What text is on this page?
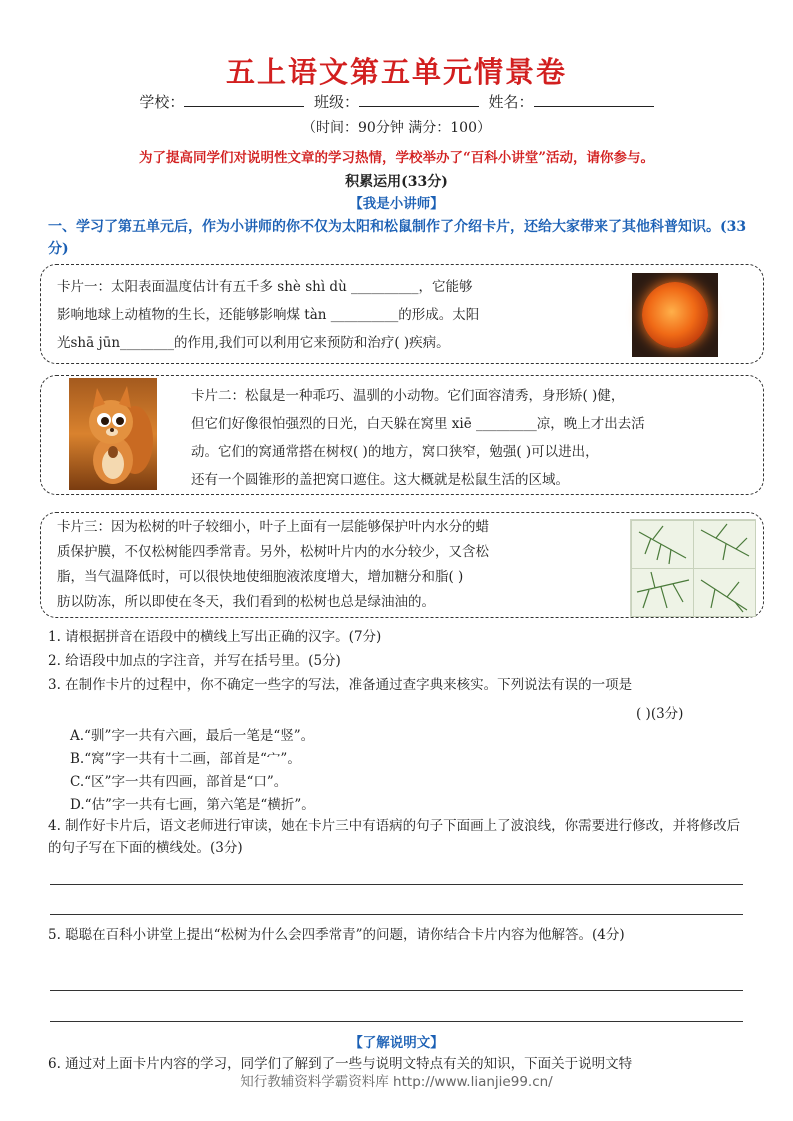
五上语文第五单元情景卷
学校：	班级：	姓名：
（时间：90分钟 满分：100）
为了提高同学们对说明性文章的学习热情，学校举办了“百科小讲堂”活动，请你参与。
积累运用(33分)
【我是小讲师】
一、学习了第五单元后，作为小讲师的你不仅为太阳和松鼠制作了介绍卡片，还给大家带来了其他科普知识。(33分)
卡片一：太阳表面温度估计有五千多 shè shì dù __________，它能够
影响地球上动植物的生长，还能够影响煤 tàn __________的形成。太阳
光shā jūn________的作用,我们可以利用它来预防和治疗( )疾病。
卡片二：松鼠是一种乖巧、温驯的小动物。它们面容清秀，身形矫( )健，
但它们好像很怕强烈的日光，白天躲在窝里 xiē _________凉，晚上才出去活
动。它们的窝通常搭在树杈( )的地方，窝口狭窄，勉强( )可以进出，
还有一个圆锥形的盖把窝口遮住。这大概就是松鼠生活的区域。
卡片三：因为松树的叶子较细小，叶子上面有一层能够保护叶内水分的蜡
质保护膜，不仅松树能四季常青。另外，松树叶片内的水分较少，又含松
脂，当气温降低时，可以很快地使细胞液浓度增大，增加糖分和脂( )
肪以防冻，所以即使在冬天，我们看到的松树也总是绿油油的。
1. 请根据拼音在语段中的横线上写出正确的汉字。(7分)
2. 给语段中加点的字注音，并写在括号里。(5分)
3. 在制作卡片的过程中，你不确定一些字的写法，准备通过查字典来核实。下列说法有误的一项是
( )(3分)
A.“驯”字一共有六画，最后一笔是“竖”。
B.“窝”字一共有十二画，部首是“宀”。
C.“区”字一共有四画，部首是“口”。
D.“估”字一共有七画，第六笔是“横折”。
4. 制作好卡片后，语文老师进行审读，她在卡片三中有语病的句子下面画上了波浪线，你需要进行修改，并将修改后的句子写在下面的横线处。(3分)
5. 聪聪在百科小讲堂上提出“松树为什么会四季常青”的问题，请你结合卡片内容为他解答。(4分)
【了解说明文】
6. 通过对上面卡片内容的学习，同学们了解到了一些与说明文特点有关的知识，下面关于说明文特
知行教辅资料学霸资料库 http://www.lianjie99.cn/
